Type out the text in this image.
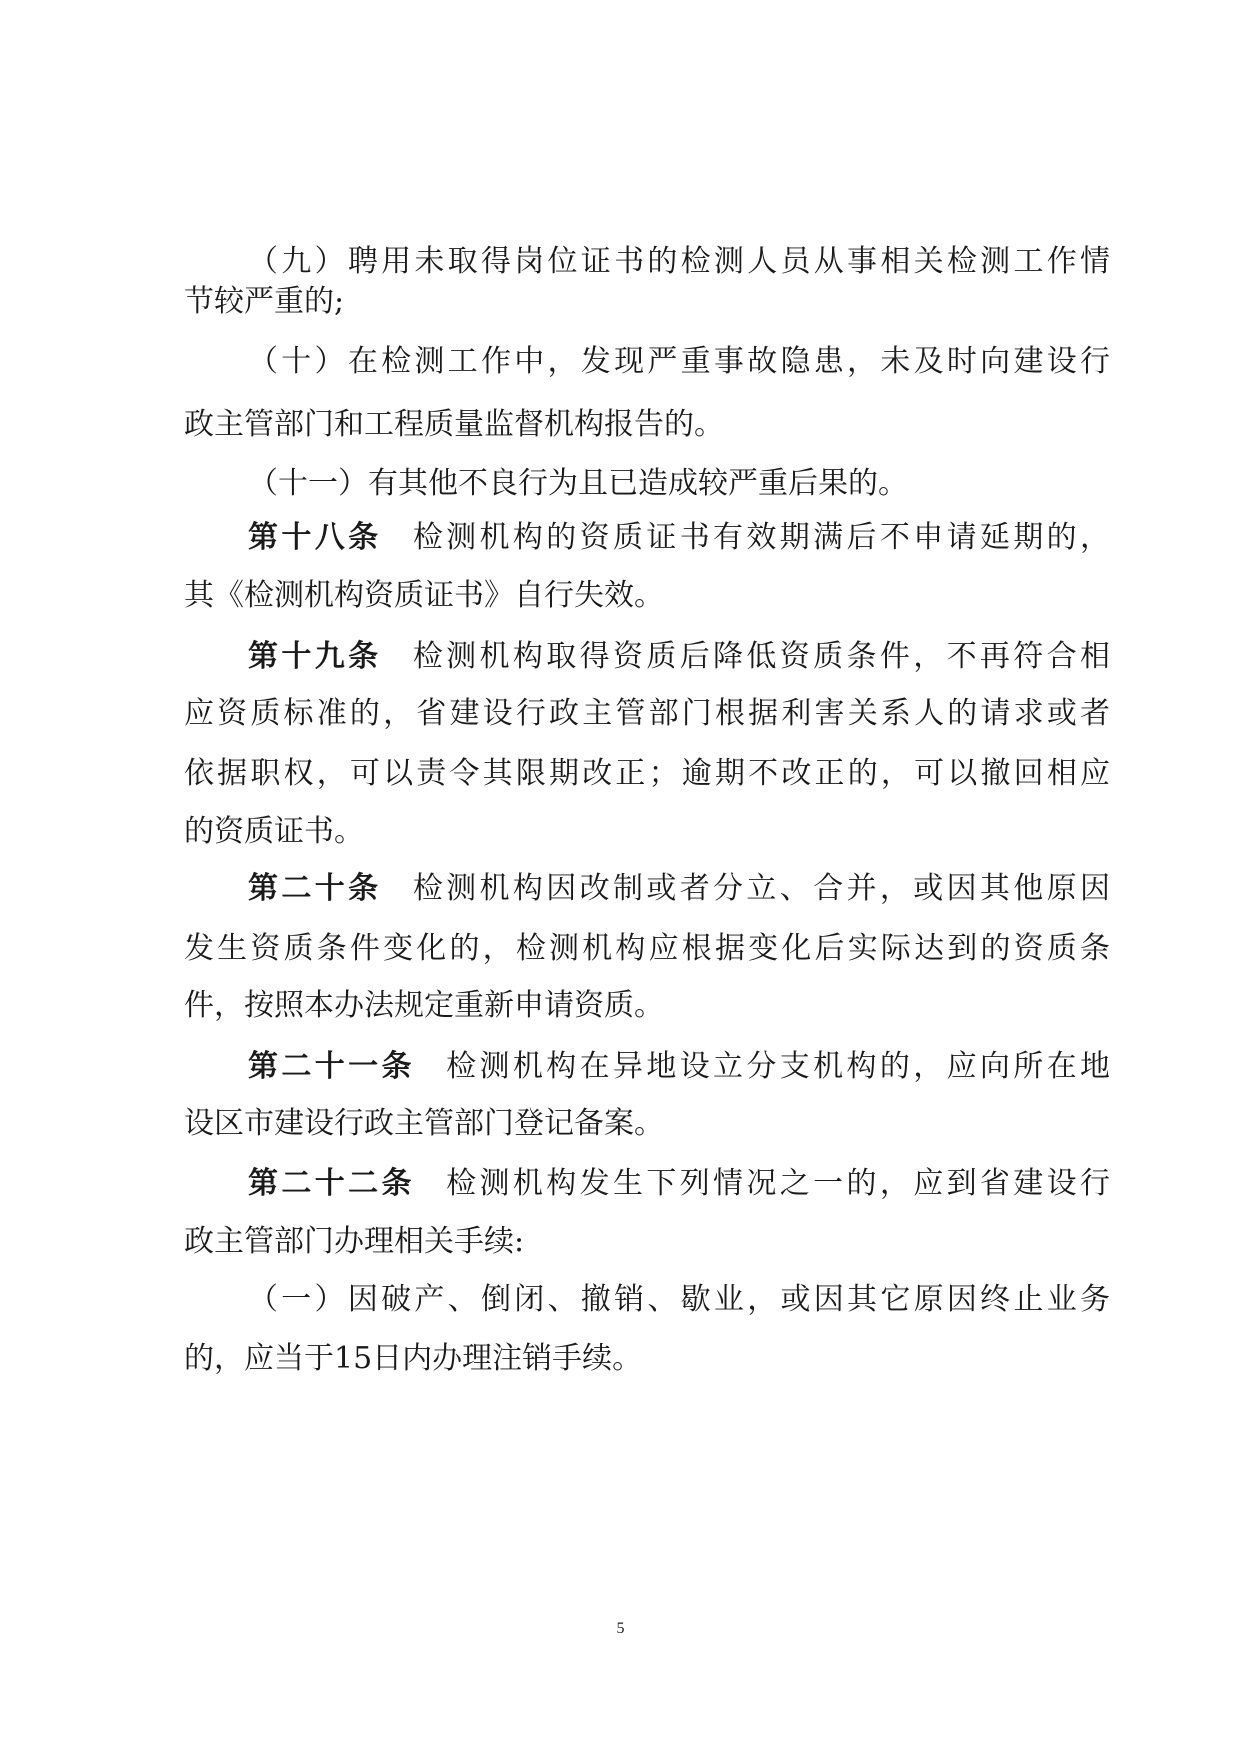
（九）聘用未取得岗位证书的检测人员从事相关检测工作情
节较严重的;
（十）在检测工作中，发现严重事故隐患，未及时向建设行
政主管部门和工程质量监督机构报告的。
（十一）有其他不良行为且已造成较严重后果的。
第十八条 检测机构的资质证书有效期满后不申请延期的，
其《检测机构资质证书》自行失效。
第十九条 检测机构取得资质后降低资质条件，不再符合相
应资质标准的，省建设行政主管部门根据利害关系人的请求或者
依据职权，可以责令其限期改正；逾期不改正的，可以撤回相应
的资质证书。
第二十条 检测机构因改制或者分立、合并，或因其他原因
发生资质条件变化的，检测机构应根据变化后实际达到的资质条
件，按照本办法规定重新申请资质。
第二十一条 检测机构在异地设立分支机构的，应向所在地
设区市建设行政主管部门登记备案。
第二十二条 检测机构发生下列情况之一的，应到省建设行
政主管部门办理相关手续:
（一）因破产、倒闭、撤销、歇业，或因其它原因终止业务
的，应当于15日内办理注销手续。
5
